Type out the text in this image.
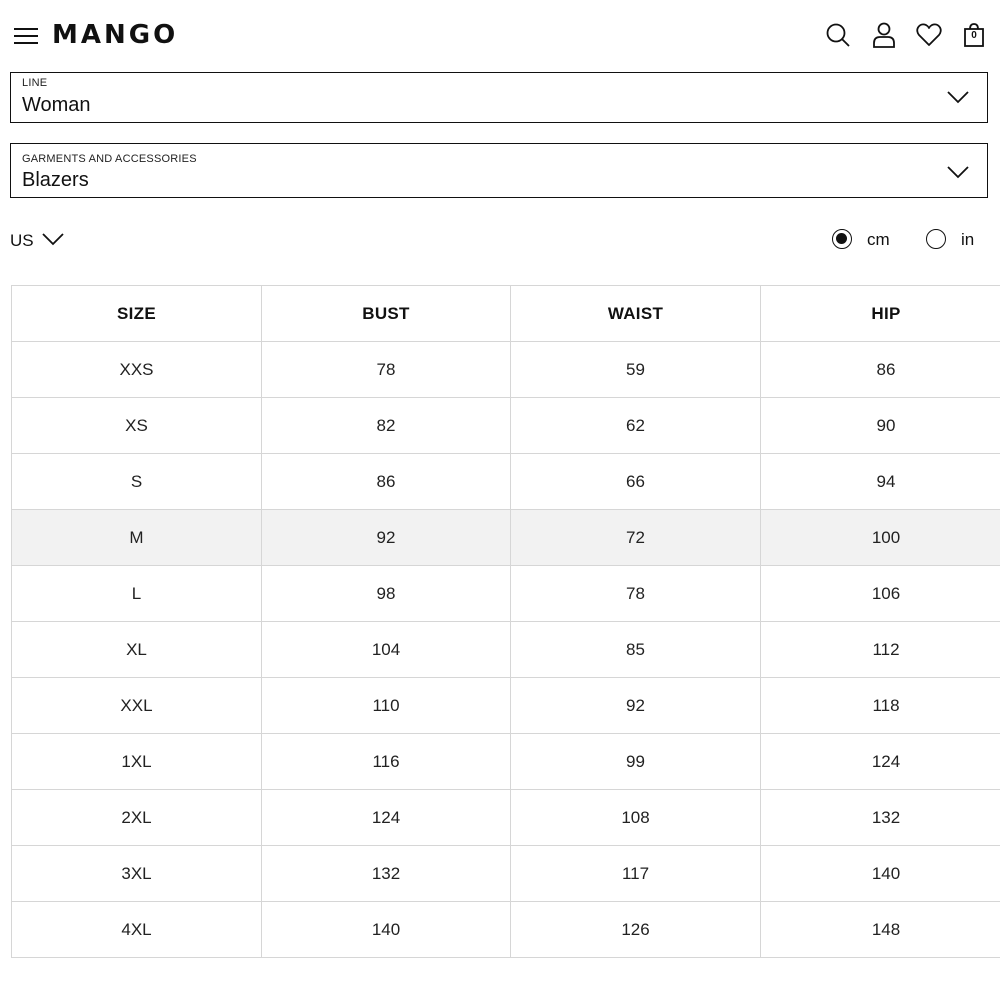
MANGO	0
LINE
Woman
GARMENTS AND ACCESSORIES
Blazers
US	cm	in
SIZE	BUST	WAIST	HIP
XXS	78	59	86
XS	82	62	90
S	86	66	94
M	92	72	100
L	98	78	106
XL	104	85	112
XXL	110	92	118
1XL	116	99	124
2XL	124	108	132
3XL	132	117	140
4XL	140	126	148
